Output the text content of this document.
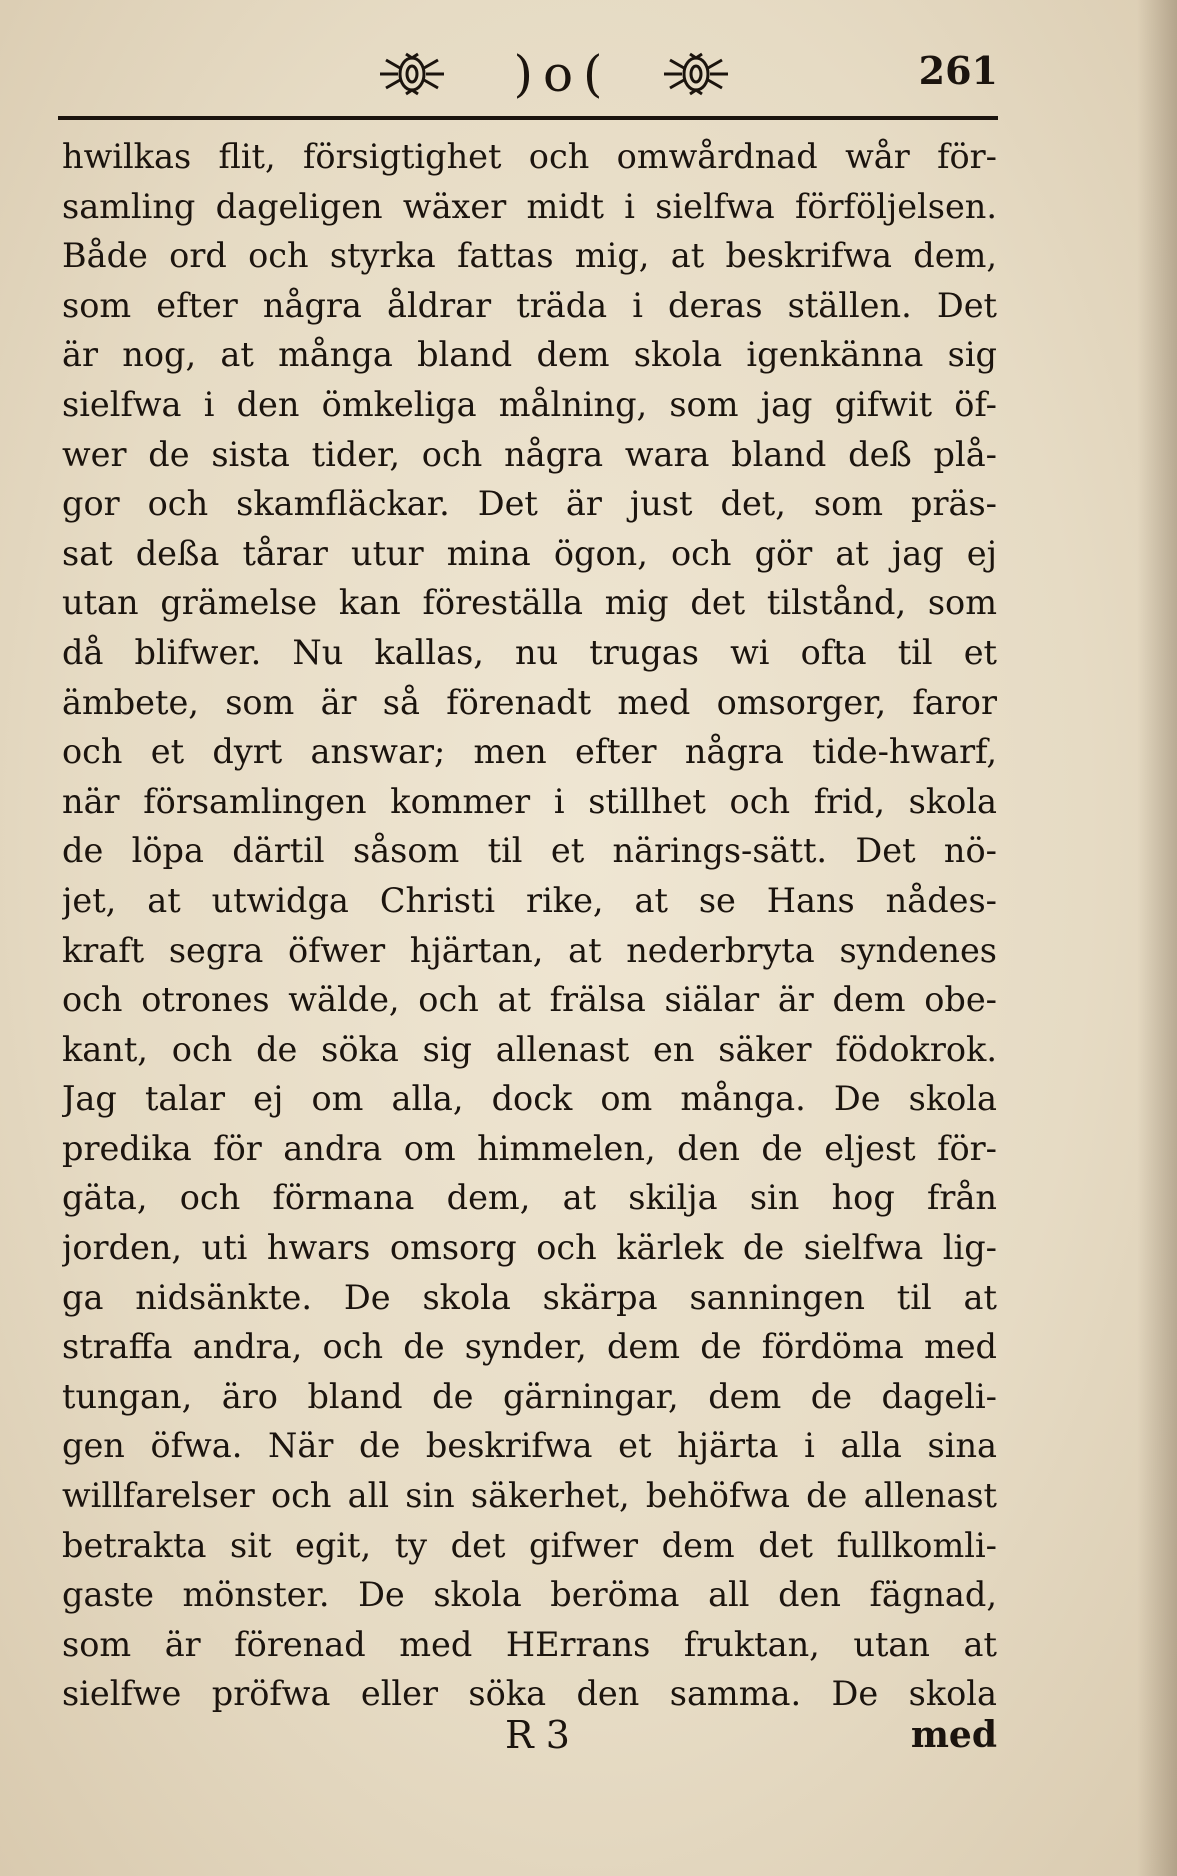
)o(	261
hwilkas flit, försigtighet och omwårdnad wår för-
samling dageligen wäxer midt i sielfwa förföljelsen.
Både ord och styrka fattas mig, at beskrifwa dem,
som efter några åldrar träda i deras ställen. Det
är nog, at många bland dem skola igenkänna sig
sielfwa i den ömkeliga målning, som jag gifwit öf-
wer de sista tider, och några wara bland deß plå-
gor och skamfläckar. Det är just det, som präs-
sat deßa tårar utur mina ögon, och gör at jag ej
utan grämelse kan föreställa mig det tilstånd, som
då blifwer. Nu kallas, nu trugas wi ofta til et
ämbete, som är så förenadt med omsorger, faror
och et dyrt answar; men efter några tide-hwarf,
när församlingen kommer i stillhet och frid, skola
de löpa därtil såsom til et närings-sätt. Det nö-
jet, at utwidga Christi rike, at se Hans nådes-
kraft segra öfwer hjärtan, at nederbryta syndenes
och otrones wälde, och at frälsa siälar är dem obe-
kant, och de söka sig allenast en säker födokrok.
Jag talar ej om alla, dock om många. De skola
predika för andra om himmelen, den de eljest för-
gäta, och förmana dem, at skilja sin hog från
jorden, uti hwars omsorg och kärlek de sielfwa lig-
ga nidsänkte. De skola skärpa sanningen til at
straffa andra, och de synder, dem de fördöma med
tungan, äro bland de gärningar, dem de dageli-
gen öfwa. När de beskrifwa et hjärta i alla sina
willfarelser och all sin säkerhet, behöfwa de allenast
betrakta sit egit, ty det gifwer dem det fullkomli-
gaste mönster. De skola beröma all den fägnad,
som är förenad med HErrans fruktan, utan at
sielfwe pröfwa eller söka den samma. De skola
R 3	med
